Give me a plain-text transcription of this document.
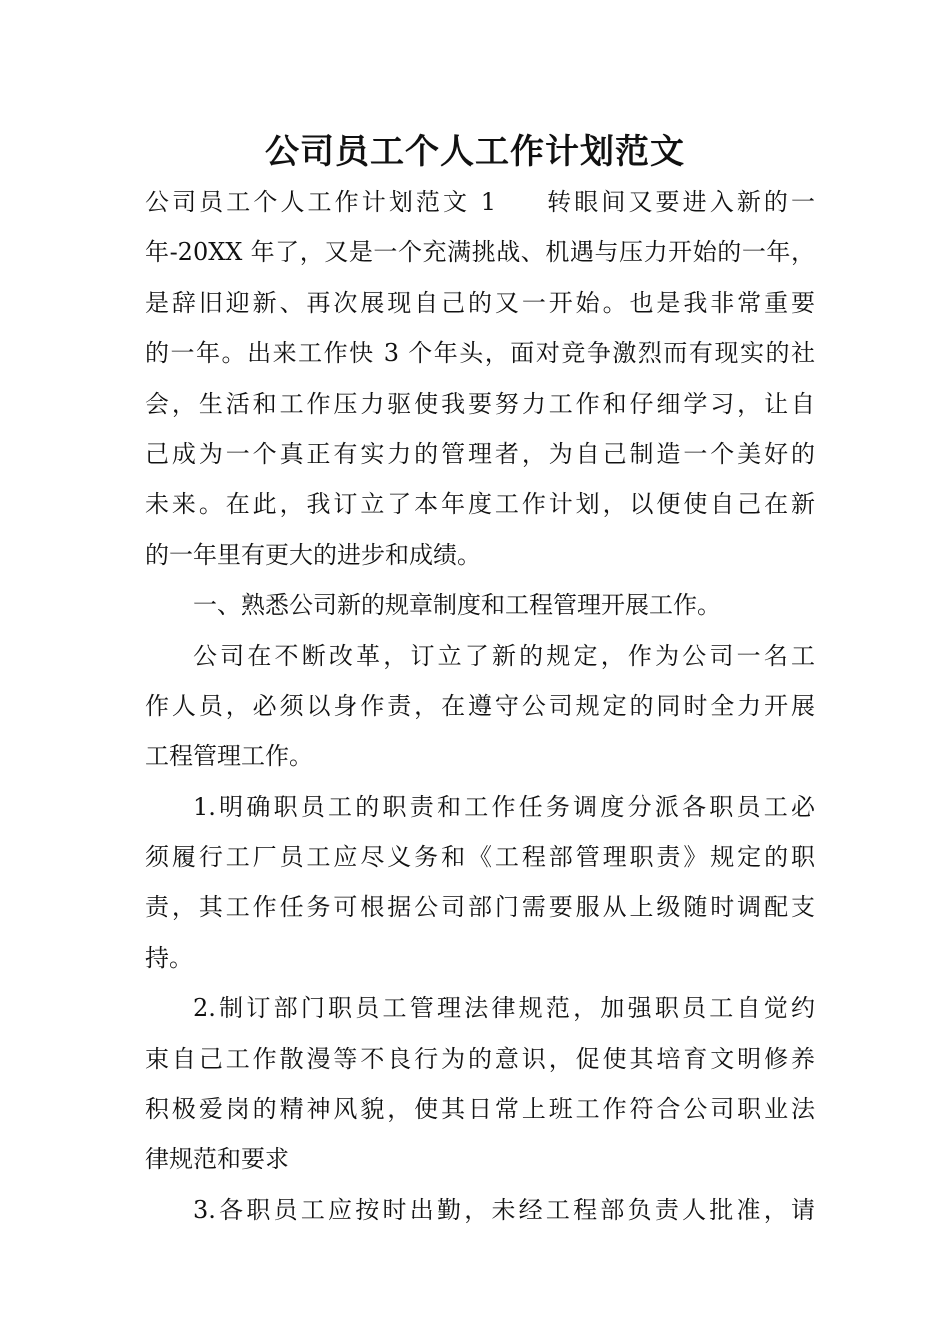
公司员工个人工作计划范文
公司员工个人工作计划范文 1 转眼间又要进入新的一
年-20XX 年了，又是一个充满挑战、机遇与压力开始的一年，
是辞旧迎新、再次展现自己的又一开始。也是我非常重要
的一年。出来工作快 3 个年头，面对竞争激烈而有现实的社
会，生活和工作压力驱使我要努力工作和仔细学习，让自
己成为一个真正有实力的管理者，为自己制造一个美好的
未来。在此，我订立了本年度工作计划，以便使自己在新
的一年里有更大的进步和成绩。
一、熟悉公司新的规章制度和工程管理开展工作。
公司在不断改革，订立了新的规定，作为公司一名工
作人员，必须以身作责，在遵守公司规定的同时全力开展
工程管理工作。
1.明确职员工的职责和工作任务调度分派各职员工必
须履行工厂员工应尽义务和《工程部管理职责》规定的职
责，其工作任务可根据公司部门需要服从上级随时调配支
持。
2.制订部门职员工管理法律规范，加强职员工自觉约
束自己工作散漫等不良行为的意识，促使其培育文明修养
积极爱岗的精神风貌，使其日常上班工作符合公司职业法
律规范和要求
3.各职员工应按时出勤，未经工程部负责人批准，请
